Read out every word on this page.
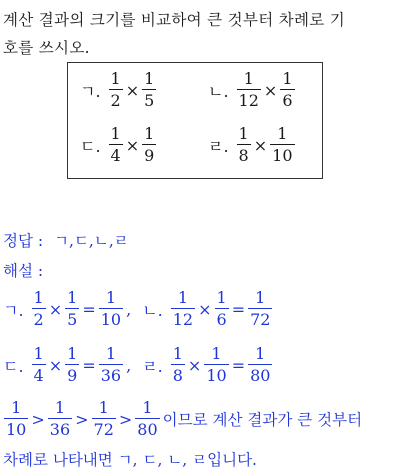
계산 결과의 크기를 비교하여 큰 것부터 차례로 기
호를 쓰시오.
ㄱ. $\frac{1}{2} \times \frac{1}{5}$	ㄴ. $\frac{1}{12} \times \frac{1}{6}$
ㄷ. $\frac{1}{4} \times \frac{1}{9}$	ㄹ. $\frac{1}{8} \times \frac{1}{10}$
정답 : ㄱ,ㄷ,ㄴ,ㄹ
해설 :
ㄱ. $\frac{1}{2} \times \frac{1}{5} = \frac{1}{10}$ , ㄴ. $\frac{1}{12} \times \frac{1}{6} = \frac{1}{72}$
ㄷ. $\frac{1}{4} \times \frac{1}{9} = \frac{1}{36}$ , ㄹ. $\frac{1}{8} \times \frac{1}{10} = \frac{1}{80}$
$\frac{1}{10} > \frac{1}{36} > \frac{1}{72} > \frac{1}{80}$ 이므로 계산 결과가 큰 것부터
차례로 나타내면 ㄱ, ㄷ, ㄴ, ㄹ입니다.
